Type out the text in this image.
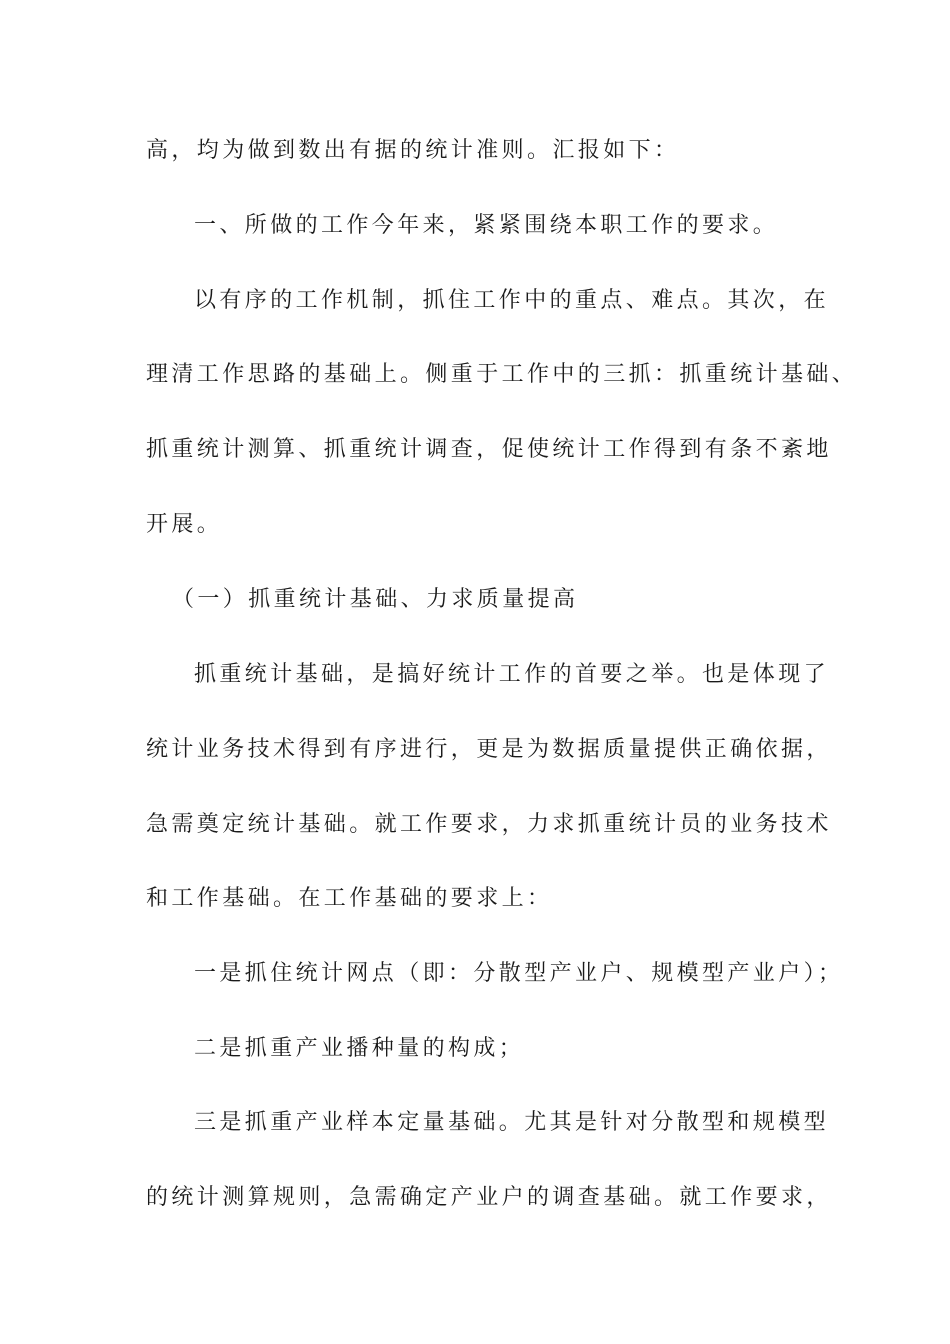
高，均为做到数出有据的统计准则。汇报如下：
一、所做的工作今年来，紧紧围绕本职工作的要求。
以有序的工作机制，抓住工作中的重点、难点。其次，在
理清工作思路的基础上。侧重于工作中的三抓：抓重统计基础、
抓重统计测算、抓重统计调查，促使统计工作得到有条不紊地
开展。
（一）抓重统计基础、力求质量提高
抓重统计基础，是搞好统计工作的首要之举。也是体现了
统计业务技术得到有序进行，更是为数据质量提供正确依据，
急需奠定统计基础。就工作要求，力求抓重统计员的业务技术
和工作基础。在工作基础的要求上：
一是抓住统计网点（即：分散型产业户、规模型产业户）；
二是抓重产业播种量的构成；
三是抓重产业样本定量基础。尤其是针对分散型和规模型
的统计测算规则，急需确定产业户的调查基础。就工作要求，
